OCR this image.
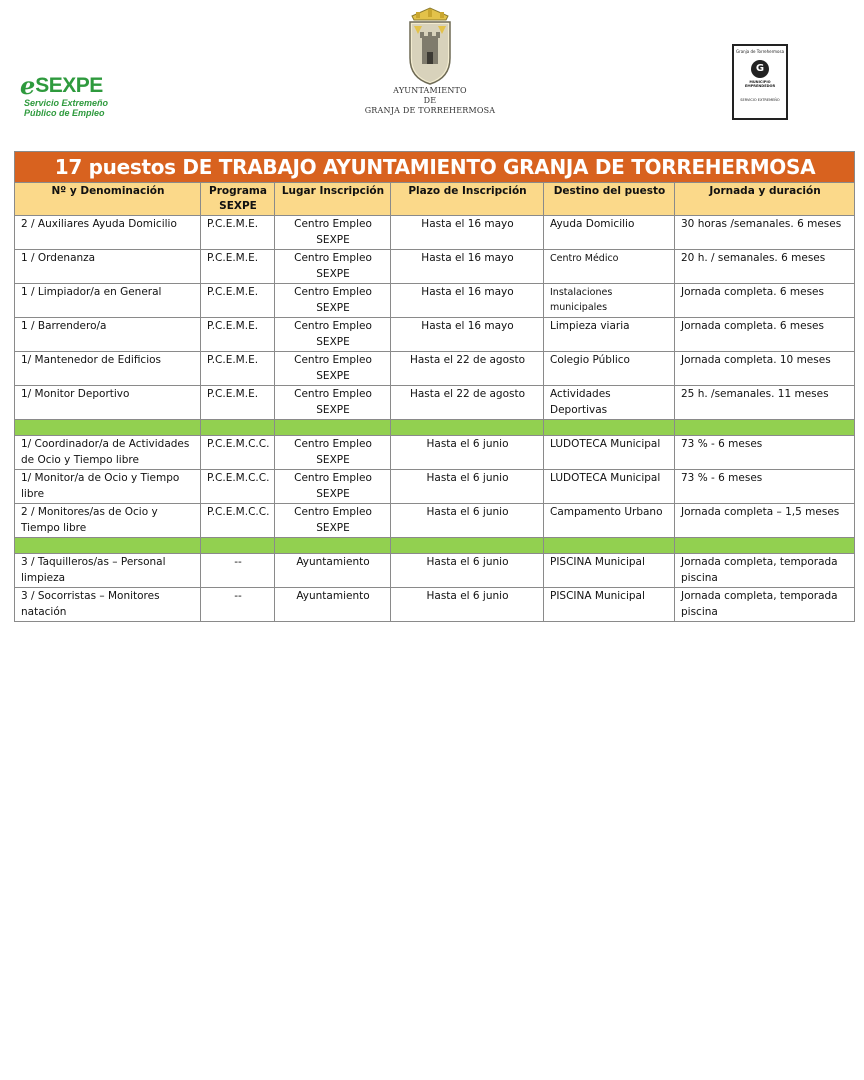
ℯ SEXPE
Servicio Extremeño
Público de Empleo
AYUNTAMIENTO
DE
GRANJA DE TORREHERMOSA
Granja de Torrehermosa
G
MUNICIPIO
EMPRENDEDOR
SERVICIO EXTREMEÑO
17 puestos DE TRABAJO AYUNTAMIENTO GRANJA DE TORREHERMOSA					
Nº y Denominación	Programa SEXPE	Lugar Inscripción	Plazo de Inscripción	Destino del puesto	Jornada y duración
2 / Auxiliares Ayuda Domicilio	P.C.E.M.E.	Centro Empleo SEXPE	Hasta el 16 mayo	Ayuda Domicilio	30 horas /semanales. 6 meses
1 / Ordenanza	P.C.E.M.E.	Centro Empleo SEXPE	Hasta el 16 mayo	Centro Médico	20 h. / semanales. 6 meses
1 / Limpiador/a en General	P.C.E.M.E.	Centro Empleo SEXPE	Hasta el 16 mayo	Instalaciones municipales	Jornada completa. 6 meses
1 / Barrendero/a	P.C.E.M.E.	Centro Empleo SEXPE	Hasta el 16 mayo	Limpieza viaria	Jornada completa. 6 meses
1/ Mantenedor de Edificios	P.C.E.M.E.	Centro Empleo SEXPE	Hasta el 22 de agosto	Colegio Público	Jornada completa. 10 meses
1/ Monitor Deportivo	P.C.E.M.E.	Centro Empleo SEXPE	Hasta el 22 de agosto	Actividades Deportivas	25 h. /semanales. 11 meses

1/ Coordinador/a de Actividades de Ocio y Tiempo libre	P.C.E.M.C.C.	Centro Empleo SEXPE	Hasta el 6 junio	LUDOTECA Municipal	73 % - 6 meses
1/ Monitor/a de Ocio y Tiempo libre	P.C.E.M.C.C.	Centro Empleo SEXPE	Hasta el 6 junio	LUDOTECA Municipal	73 % - 6 meses
2 / Monitores/as de Ocio y Tiempo libre	P.C.E.M.C.C.	Centro Empleo SEXPE	Hasta el 6 junio	Campamento Urbano	Jornada completa – 1,5 meses

3 / Taquilleros/as – Personal limpieza	--	Ayuntamiento	Hasta el 6 junio	PISCINA Municipal	Jornada completa, temporada piscina
3 / Socorristas – Monitores natación	--	Ayuntamiento	Hasta el 6 junio	PISCINA Municipal	Jornada completa, temporada piscina
